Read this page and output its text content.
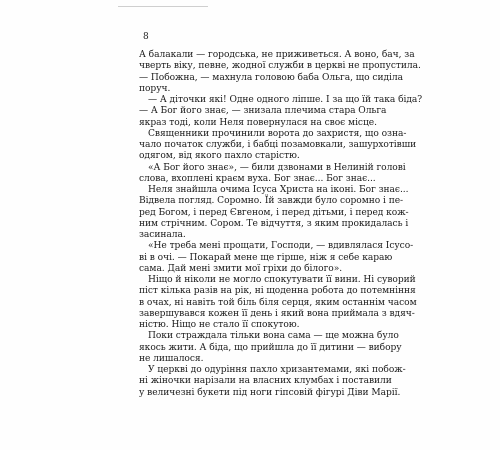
8
А балакали — городська, не приживеться. А воно, бач, за
чверть віку, певне, жодної служби в церкві не пропустила.
— Побожна, — махнула головою баба Ольга, що сиділа
поруч.
— А діточки які! Одне одного ліпше. І за що їй така біда?
— А Бог його знає, — знизала плечима стара Ольга
якраз тоді, коли Неля повернулася на своє місце.
Священники прочинили ворота до захристя, що озна-
чало початок служби, і бабці позамовкали, зашурхотівши
одягом, від якого пахло старістю.
«А Бог його знає», — били дзвонами в Нелиній голові
слова, вхоплені краєм вуха. Бог знає... Бог знає...
Неля знайшла очима Ісуса Христа на іконі. Бог знає...
Відвела погляд. Соромно. Їй завжди було соромно і пе-
ред Богом, і перед Євгеном, і перед дітьми, і перед кож-
ним стрічним. Сором. Те відчуття, з яким прокидалась і
засинала.
«Не треба мені прощати, Господи, — вдивлялася Ісусо-
ві в очі. — Покарай мене ще гірше, ніж я себе караю
сама. Дай мені змити мої гріхи до білого».
Ніщо й ніколи не могло спокутувати її вини. Ні суворий
піст кілька разів на рік, ні щоденна робота до потемніння
в очах, ні навіть той біль біля серця, яким останнім часом
завершувався кожен її день і який вона приймала з вдяч-
ністю. Ніщо не стало її спокутою.
Поки страждала тільки вона сама — ще можна було
якось жити. А біда, що прийшла до її дитини — вибору
не лишалося.
У церкві до одуріння пахло хризантемами, які побож-
ні жіночки нарізали на власних клумбах і поставили
у величезні букети під ноги гіпсовій фігурі Діви Марії.
